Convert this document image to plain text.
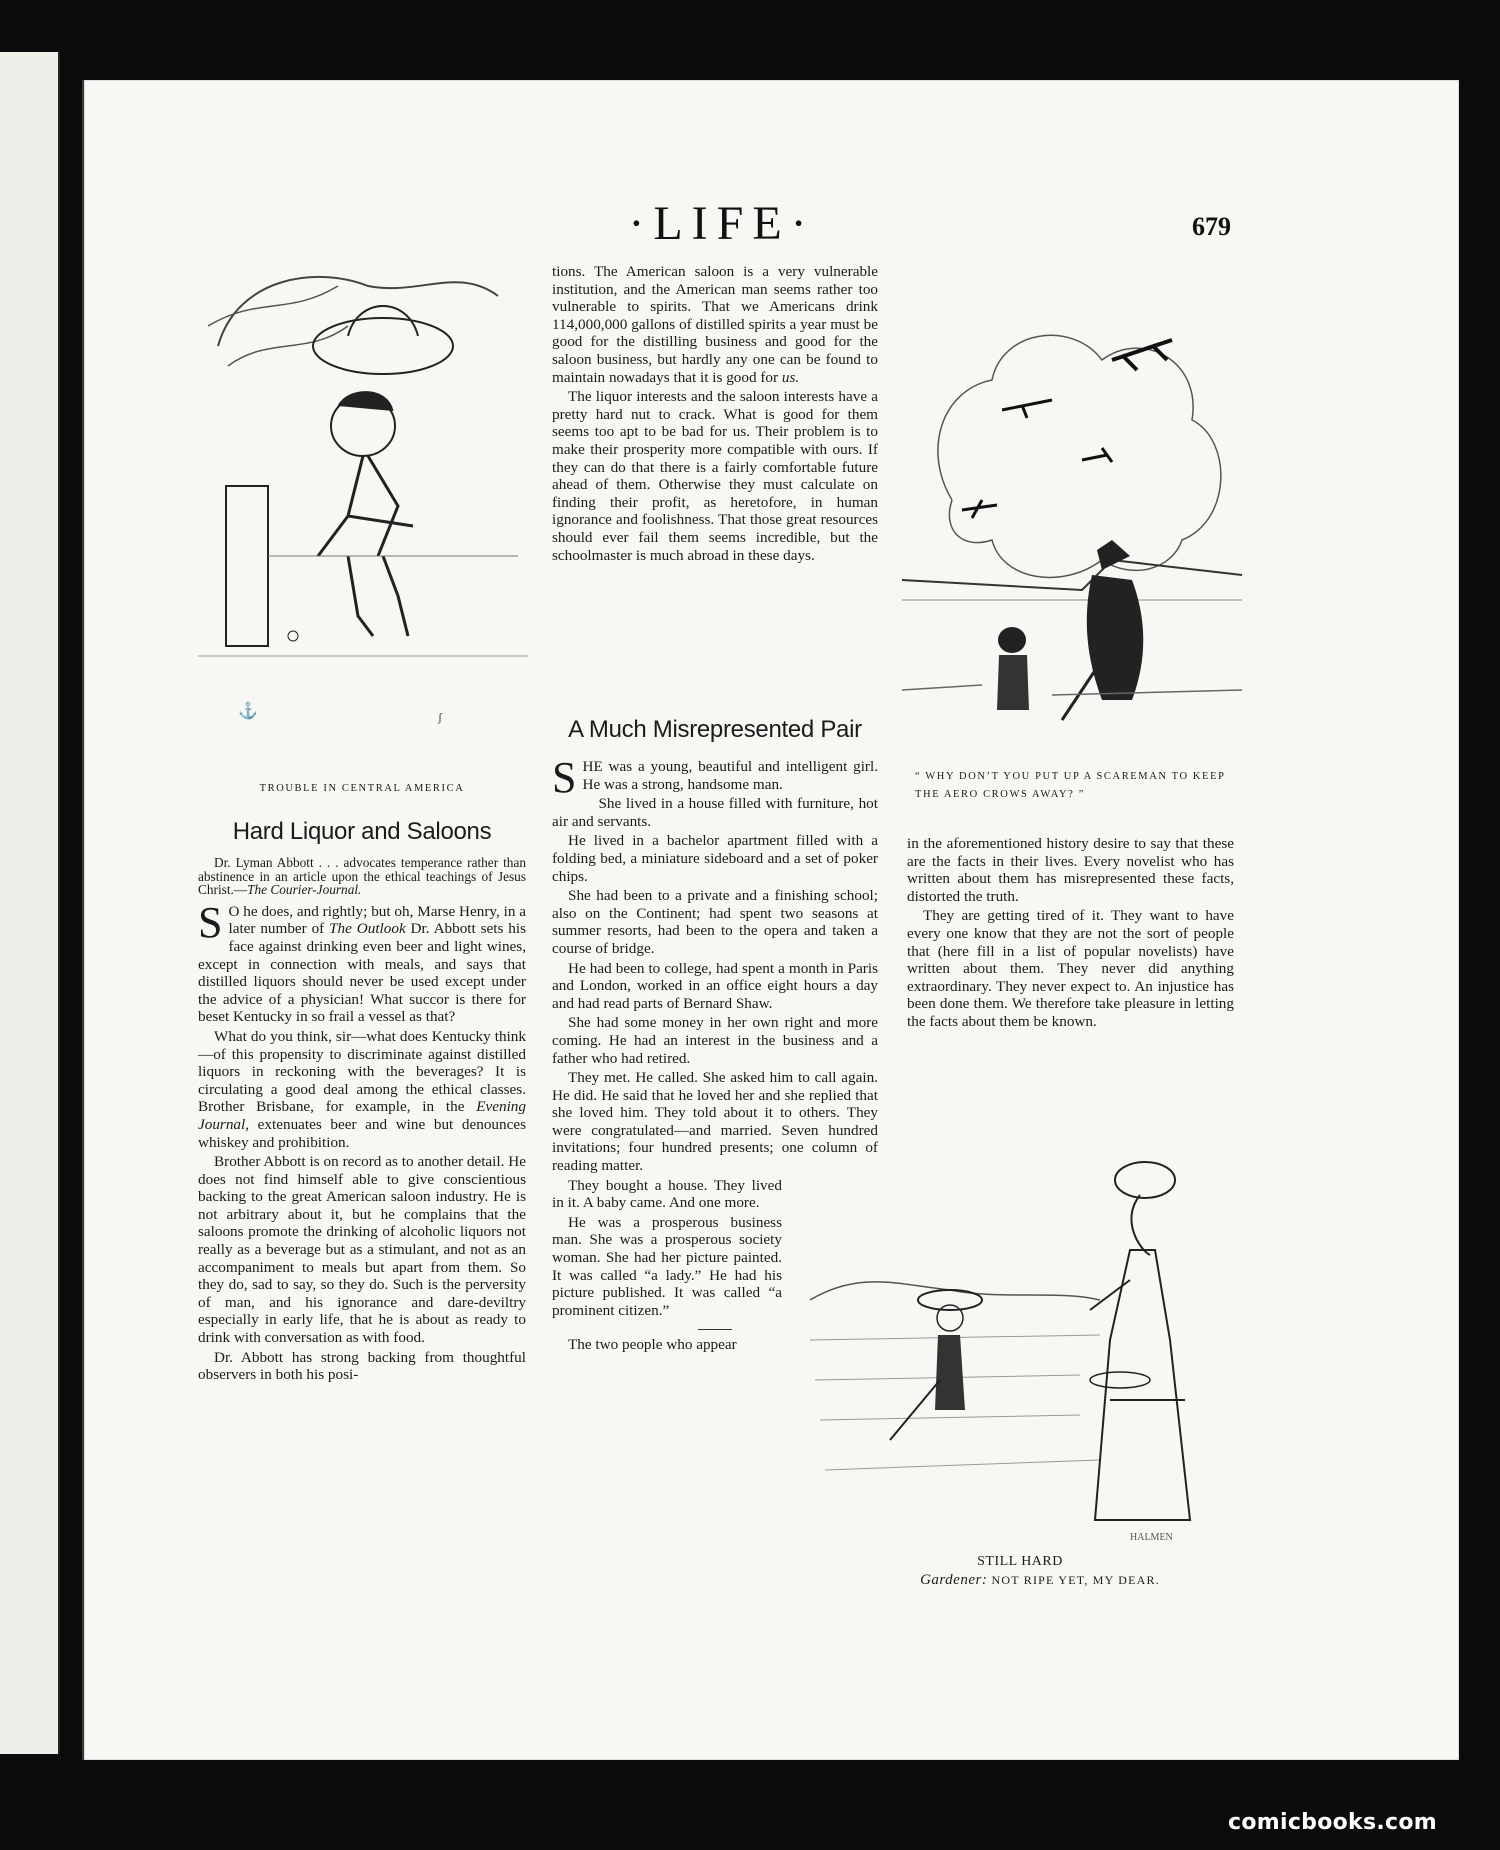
·LIFE·	679
⚓	ʃ
TROUBLE IN CENTRAL AMERICA
“ WHY DON’T YOU PUT UP A SCAREMAN TO KEEP THE AERO CROWS AWAY? ”
HALMEN
STILL HARD
Gardener: NOT RIPE YET, MY DEAR.
Hard Liquor and Saloons
Dr. Lyman Abbott . . . advocates temperance rather than abstinence in an article upon the ethical teachings of Jesus Christ.—The Courier-Journal.

S O he does, and rightly; but oh, Marse Henry, in a later number of The Outlook Dr. Abbott sets his face against drinking even beer and light wines, except in connection with meals, and says that distilled liquors should never be used except under the advice of a physician! What succor is there for beset Kentucky in so frail a vessel as that?

What do you think, sir—what does Kentucky think—of this propensity to discriminate against distilled liquors in reckoning with the beverages? It is circulating a good deal among the ethical classes. Brother Brisbane, for example, in the Evening Journal, extenuates beer and wine but denounces whiskey and prohibition.

Brother Abbott is on record as to another detail. He does not find himself able to give conscientious backing to the great American saloon industry. He is not arbitrary about it, but he complains that the saloons promote the drinking of alcoholic liquors not really as a beverage but as a stimulant, and not as an accompaniment to meals but apart from them. So they do, sad to say, so they do. Such is the perversity of man, and his ignorance and dare-deviltry especially in early life, that he is about as ready to drink with conversation as with food.

Dr. Abbott has strong backing from thoughtful observers in both his posi-

tions. The American saloon is a very vulnerable institution, and the American man seems rather too vulnerable to spirits. That we Americans drink 114,000,000 gallons of distilled spirits a year must be good for the distilling business and good for the saloon business, but hardly any one can be found to maintain nowadays that it is good for us.

The liquor interests and the saloon interests have a pretty hard nut to crack. What is good for them seems too apt to be bad for us. Their problem is to make their prosperity more compatible with ours. If they can do that there is a fairly comfortable future ahead of them. Otherwise they must calculate on finding their profit, as heretofore, in human ignorance and foolishness. That those great resources should ever fail them seems incredible, but the schoolmaster is much abroad in these days.

A Much Misrepresented Pair

SHE was a young, beautiful and intelligent girl. He was a strong, handsome man.

She lived in a house filled with furniture, hot air and servants.

He lived in a bachelor apartment filled with a folding bed, a miniature sideboard and a set of poker chips.

She had been to a private and a finishing school; also on the Continent; had spent two seasons at summer resorts, had been to the opera and taken a course of bridge.

He had been to college, had spent a month in Paris and London, worked in an office eight hours a day and had read parts of Bernard Shaw.

She had some money in her own right and more coming. He had an interest in the business and a father who had retired.

They met. He called. She asked him to call again. He did. He said that he loved her and she replied that she loved him. They told about it to others. They were congratulated—and married. Seven hundred invitations; four hundred presents; one column of reading matter.

They bought a house. They lived in it. A baby came. And one more.

He was a prosperous business man. She was a prosperous society woman. She had her picture painted. It was called “a lady.” He had his picture published. It was called “a prominent citizen.”

The two people who appear

in the aforementioned history desire to say that these are the facts in their lives. Every novelist who has written about them has misrepresented these facts, distorted the truth.

They are getting tired of it. They want to have every one know that they are not the sort of people that (here fill in a list of popular novelists) have written about them. They never did anything extraordinary. They never expect to. An injustice has been done them. We therefore take pleasure in letting the facts about them be known.

comicbooks.com
